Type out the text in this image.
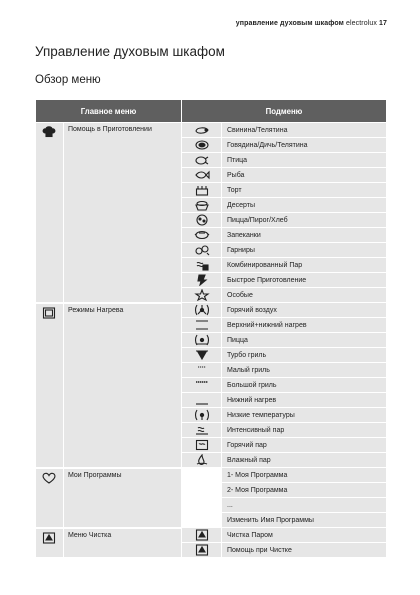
управление духовым шкафом electrolux 17
Управление духовым шкафом
Обзор меню
Главное меню		Подменю	

	Помощь в Приготовлении		Свинина/Телятина

	Говядина/Дичь/Телятина

	Птица

	Рыба

	Торт

	Десерты

	Пицца/Пирог/Хлеб

	Запеканки

	Гарниры

	Комбинированный Пар

	Быстрое Приготовление

	Особые

	Режимы Нагрева		Горячий воздух

	Верхний+нижний нагрев

	Пицца

	Турбо гриль

	Малый гриль

	Большой гриль

	Нижний нагрев

	Низкие температуры

	Интенсивный пар

	Горячий пар

	Влажный пар

	Мои Программы		1- Моя Программа
			2- Моя Программа
			...
			Изменить Имя Программы

	Меню Чистка		Чистка Паром

	Помощь при Чистке
